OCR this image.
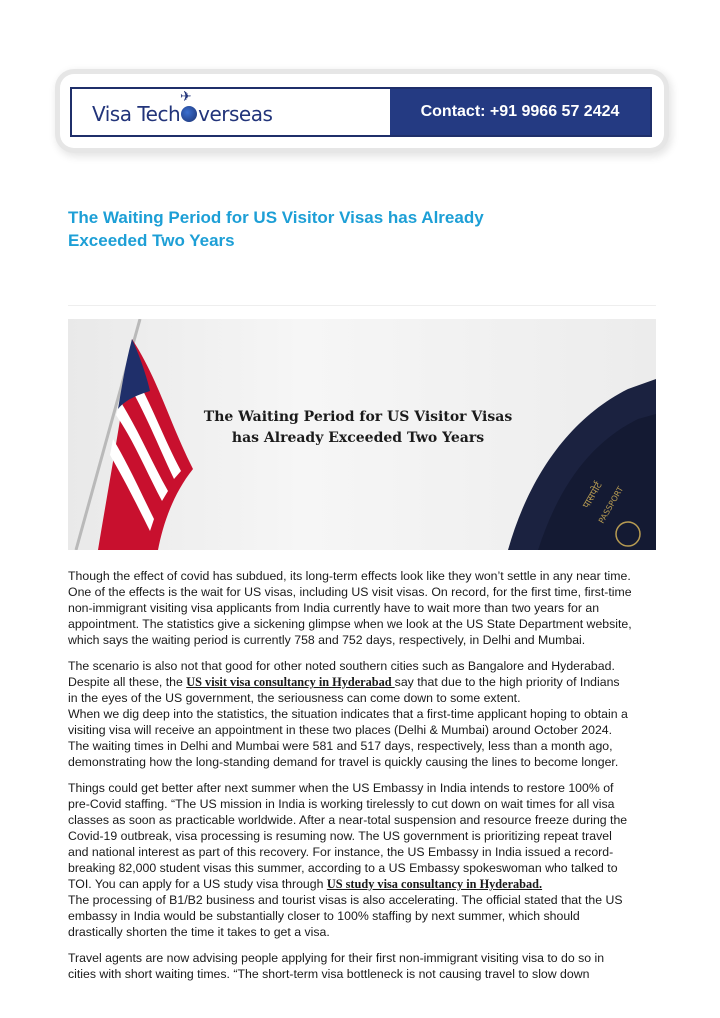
Visa Tech
✈
verseas	Contact: +91 9966 57 2424
The Waiting Period for US Visitor Visas has Already
Exceeded Two Years
पासपोर्ट
PASSPORT
The Waiting Period for US Visitor Visas
has Already Exceeded Two Years

Though the effect of covid has subdued, its long-term effects look like they won’t settle in any near time.
One of the effects is the wait for US visas, including US visit visas. On record, for the first time, first-time
non-immigrant visiting visa applicants from India currently have to wait more than two years for an
appointment. The statistics give a sickening glimpse when we look at the US State Department website,
which says the waiting period is currently 758 and 752 days, respectively, in Delhi and Mumbai.

The scenario is also not that good for other noted southern cities such as Bangalore and Hyderabad.
Despite all these, the US visit visa consultancy in Hyderabad say that due to the high priority of Indians
in the eyes of the US government, the seriousness can come down to some extent.
When we dig deep into the statistics, the situation indicates that a first-time applicant hoping to obtain a
visiting visa will receive an appointment in these two places (Delhi & Mumbai) around October 2024.
The waiting times in Delhi and Mumbai were 581 and 517 days, respectively, less than a month ago,
demonstrating how the long-standing demand for travel is quickly causing the lines to become longer.

Things could get better after next summer when the US Embassy in India intends to restore 100% of
pre-Covid staffing. “The US mission in India is working tirelessly to cut down on wait times for all visa
classes as soon as practicable worldwide. After a near-total suspension and resource freeze during the
Covid-19 outbreak, visa processing is resuming now. The US government is prioritizing repeat travel
and national interest as part of this recovery. For instance, the US Embassy in India issued a record-
breaking 82,000 student visas this summer, according to a US Embassy spokeswoman who talked to
TOI. You can apply for a US study visa through US study visa consultancy in Hyderabad.
The processing of B1/B2 business and tourist visas is also accelerating. The official stated that the US
embassy in India would be substantially closer to 100% staffing by next summer, which should
drastically shorten the time it takes to get a visa.

Travel agents are now advising people applying for their first non-immigrant visiting visa to do so in
cities with short waiting times. “The short-term visa bottleneck is not causing travel to slow down
